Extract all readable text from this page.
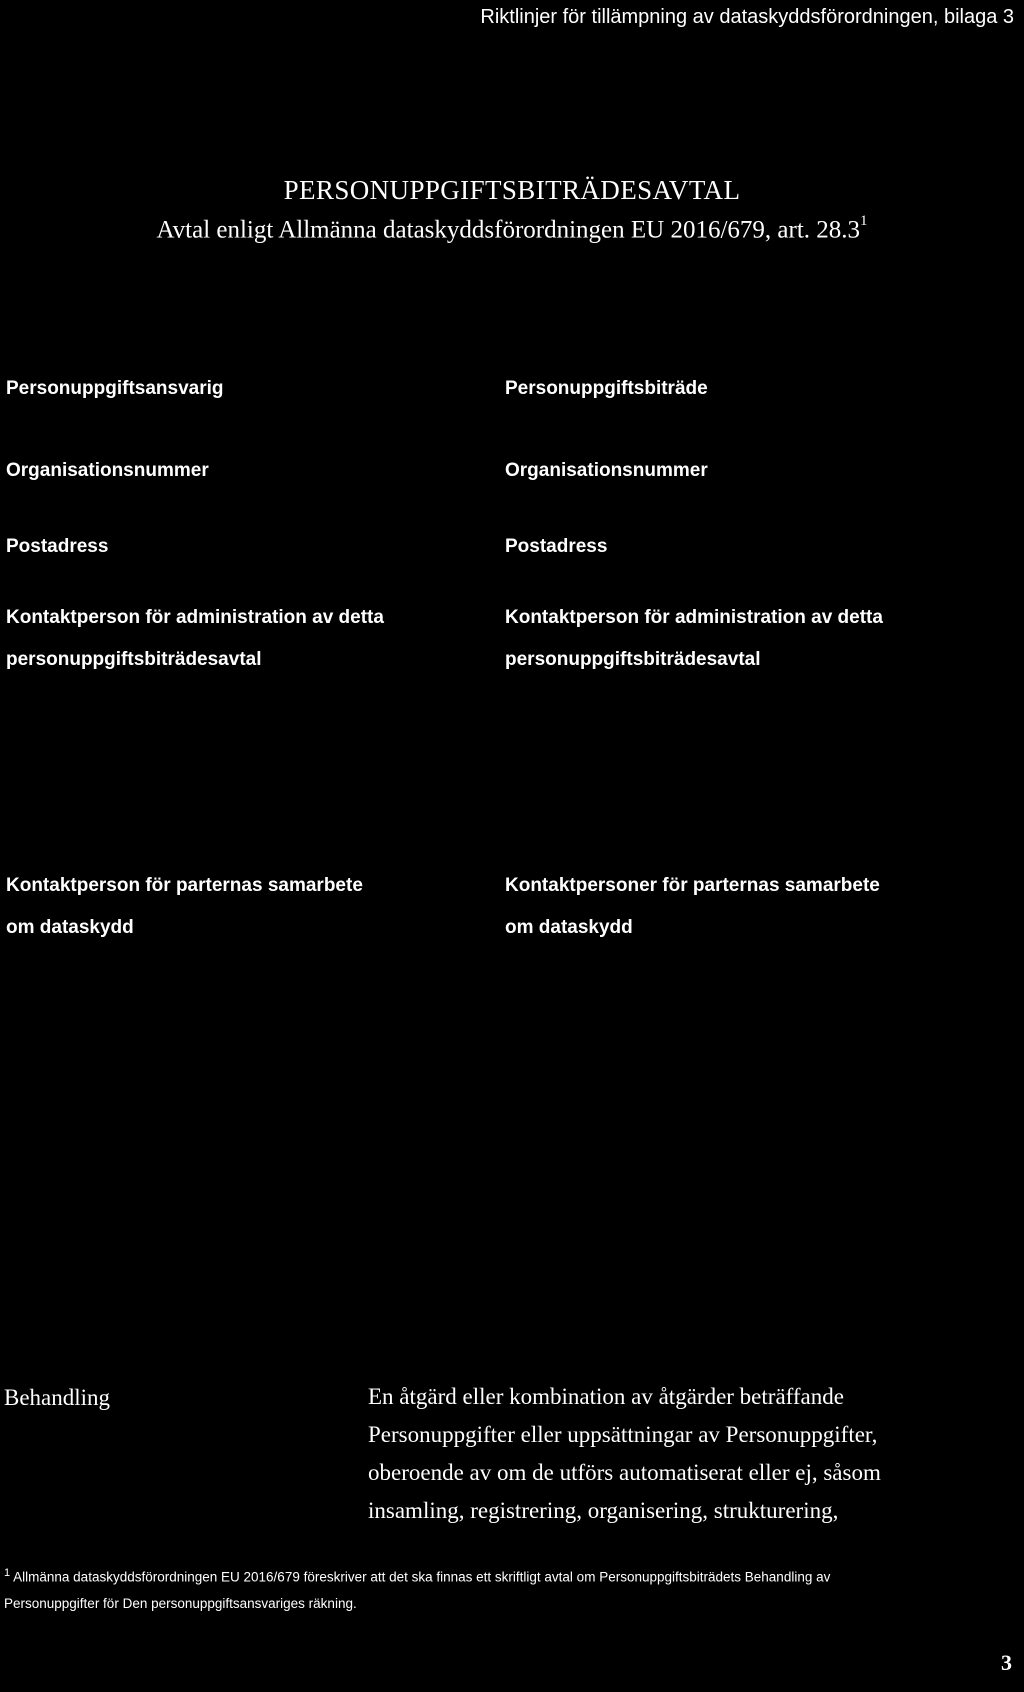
Riktlinjer för tillämpning av dataskyddsförordningen, bilaga 3
PERSONUPPGIFTSBITRÄDESAVTAL
Avtal enligt Allmänna dataskyddsförordningen EU 2016/679, art. 28.3$^1$
Personuppgiftsansvarig
Organisationsnummer
Postadress
Kontaktperson för administration av detta
personuppgiftsbiträdesavtal
Kontaktperson för parternas samarbete
om dataskydd
Personuppgiftsbiträde
Organisationsnummer
Postadress
Kontaktperson för administration av detta
personuppgiftsbiträdesavtal
Kontaktpersoner för parternas samarbete
om dataskydd
Behandling	En åtgärd eller kombination av åtgärder beträffande
Personuppgifter eller uppsättningar av Personuppgifter,
oberoende av om de utförs automatiserat eller ej, såsom
insamling, registrering, organisering, strukturering,
$^1$ Allmänna dataskyddsförordningen EU 2016/679 föreskriver att det ska finnas ett skriftligt avtal om Personuppgiftsbiträdets Behandling av
Personuppgifter för Den personuppgiftsansvariges räkning.
3
